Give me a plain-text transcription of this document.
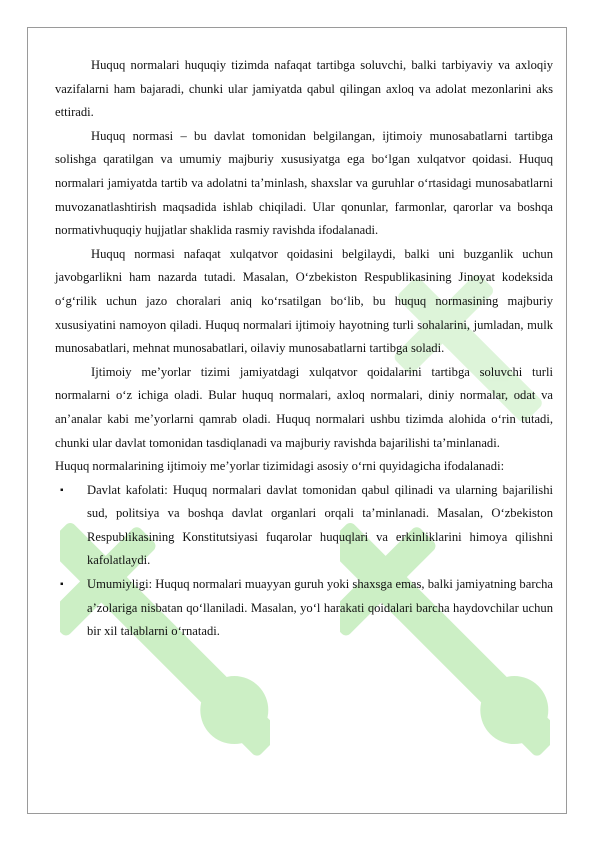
Huquq normalari huquqiy tizimda nafaqat tartibga soluvchi, balki tarbiyaviy va axloqiy vazifalarni ham bajaradi, chunki ular jamiyatda qabul qilingan axloq va adolat mezonlarini aks ettiradi.

Huquq normasi – bu davlat tomonidan belgilangan, ijtimoiy munosabatlarni tartibga solishga qaratilgan va umumiy majburiy xususiyatga ega bo‘lgan xulqatvor qoidasi. Huquq normalari jamiyatda tartib va adolatni ta’minlash, shaxslar va guruhlar o‘rtasidagi munosabatlarni muvozanatlashtirish maqsadida ishlab chiqiladi. Ular qonunlar, farmonlar, qarorlar va boshqa normativhuquqiy hujjatlar shaklida rasmiy ravishda ifodalanadi.

Huquq normasi nafaqat xulqatvor qoidasini belgilaydi, balki uni buzganlik uchun javobgarlikni ham nazarda tutadi. Masalan, O‘zbekiston Respublikasining Jinoyat kodeksida o‘g‘rilik uchun jazo choralari aniq ko‘rsatilgan bo‘lib, bu huquq normasining majburiy xususiyatini namoyon qiladi. Huquq normalari ijtimoiy hayotning turli sohalarini, jumladan, mulk munosabatlari, mehnat munosabatlari, oilaviy munosabatlarni tartibga soladi.

Ijtimoiy me’yorlar tizimi jamiyatdagi xulqatvor qoidalarini tartibga soluvchi turli normalarni o‘z ichiga oladi. Bular huquq normalari, axloq normalari, diniy normalar, odat va an’analar kabi me’yorlarni qamrab oladi. Huquq normalari ushbu tizimda alohida o‘rin tutadi, chunki ular davlat tomonidan tasdiqlanadi va majburiy ravishda bajarilishi ta’minlanadi.

Huquq normalarining ijtimoiy me’yorlar tizimidagi asosiy o‘rni quyidagicha ifodalanadi:

▪ Davlat kafolati: Huquq normalari davlat tomonidan qabul qilinadi va ularning bajarilishi sud, politsiya va boshqa davlat organlari orqali ta’minlanadi. Masalan, O‘zbekiston Respublikasining Konstitutsiyasi fuqarolar huquqlari va erkinliklarini himoya qilishni kafolatlaydi.
▪ Umumiyligi: Huquq normalari muayyan guruh yoki shaxsga emas, balki jamiyatning barcha a’zolariga nisbatan qo‘llaniladi. Masalan, yo‘l harakati qoidalari barcha haydovchilar uchun bir xil talablarni o‘rnatadi.
